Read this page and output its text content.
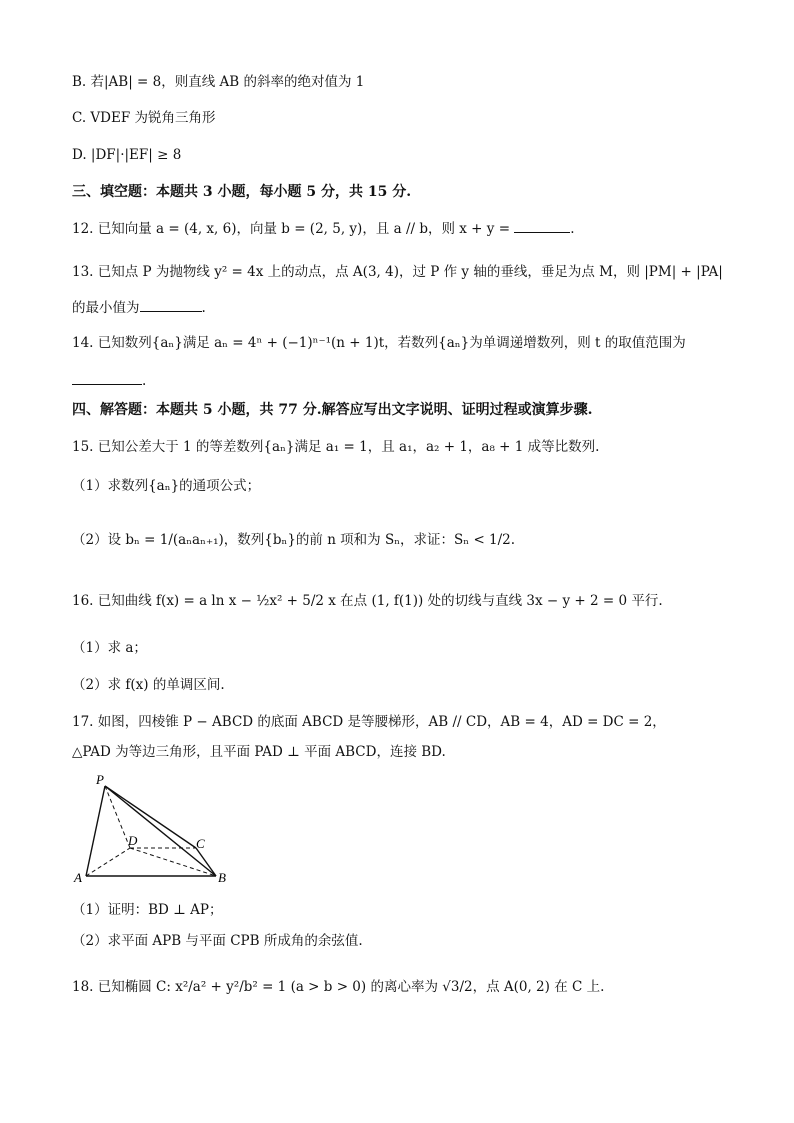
B. 若|AB| = 8，则直线 AB 的斜率的绝对值为 1
C. VDEF 为锐角三角形
D. |DF|·|EF| ≥ 8
三、填空题：本题共 3 小题，每小题 5 分，共 15 分.
12. 已知向量 a = (4, x, 6)，向量 b = (2, 5, y)，且 a // b，则 x + y =	.
13. 已知点 P 为抛物线 y² = 4x 上的动点，点 A(3, 4)，过 P 作 y 轴的垂线，垂足为点 M，则 |PM| + |PA|
的最小值为	.
14. 已知数列{aₙ}满足 aₙ = 4ⁿ + (−1)ⁿ⁻¹(n + 1)t，若数列{aₙ}为单调递增数列，则 t 的取值范围为
.
四、解答题：本题共 5 小题，共 77 分.解答应写出文字说明、证明过程或演算步骤.
15. 已知公差大于 1 的等差数列{aₙ}满足 a₁ = 1，且 a₁，a₂ + 1，a₈ + 1 成等比数列.
（1）求数列{aₙ}的通项公式；
（2）设 bₙ = 1/(aₙaₙ₊₁)，数列{bₙ}的前 n 项和为 Sₙ，求证：Sₙ < 1/2.
16. 已知曲线 f(x) = a ln x − ½x² + 5/2 x 在点 (1, f(1)) 处的切线与直线 3x − y + 2 = 0 平行.
（1）求 a；
（2）求 f(x) 的单调区间.
17. 如图，四棱锥 P − ABCD 的底面 ABCD 是等腰梯形，AB // CD，AB = 4，AD = DC = 2，
△PAD 为等边三角形，且平面 PAD ⊥ 平面 ABCD，连接 BD.
P
A	B
C
D
（1）证明：BD ⊥ AP；
（2）求平面 APB 与平面 CPB 所成角的余弦值.
18. 已知椭圆 C: x²/a² + y²/b² = 1 (a > b > 0) 的离心率为 √3/2，点 A(0, 2) 在 C 上.
